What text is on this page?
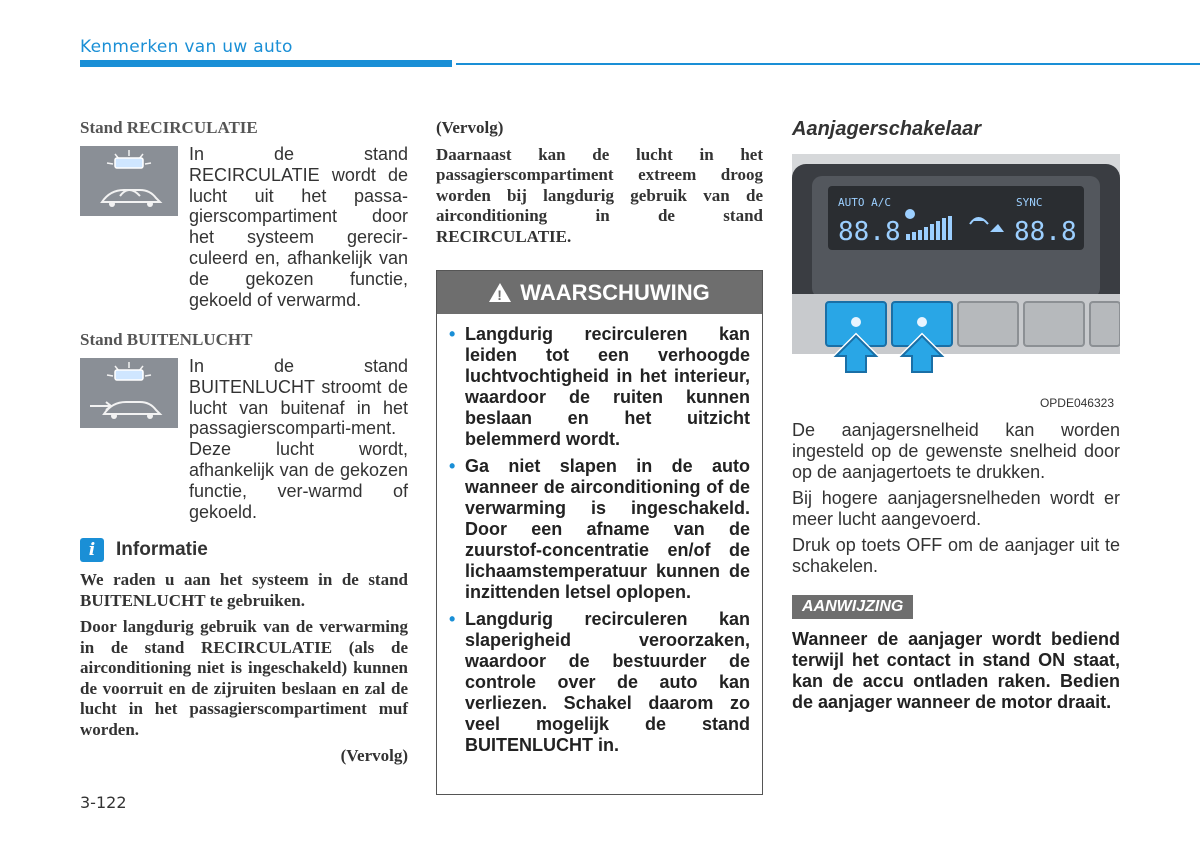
Kenmerken van uw auto

Stand RECIRCULATIE

In de stand RECIRCULATIE wordt de lucht uit het passa-gierscompartiment door het systeem gerecir-culeerd en, afhankelijk van de gekozen functie, gekoeld of verwarmd.

Stand BUITENLUCHT

In de stand BUITENLUCHT stroomt de lucht van buitenaf in het passagierscomparti-ment. Deze lucht wordt, afhankelijk van de gekozen functie, ver-warmd of gekoeld.
i	Informatie

We raden u aan het systeem in de stand BUITENLUCHT te gebruiken.

Door langdurig gebruik van de verwarming in de stand RECIRCULATIE (als de airconditioning niet is ingeschakeld) kunnen de voorruit en de zijruiten beslaan en zal de lucht in het passagierscompartiment muf worden.

(Vervolg)

(Vervolg)

Daarnaast kan de lucht in het passagierscompartiment extreem droog worden bij langdurig gebruik van de airconditioning in de stand RECIRCULATIE.

! WAARSCHUWING
• Langdurig recirculeren kan leiden tot een verhoogde luchtvochtigheid in het interieur, waardoor de ruiten kunnen beslaan en het uitzicht belemmerd wordt.
• Ga niet slapen in de auto wanneer de airconditioning of de verwarming is ingeschakeld. Door een afname van de zuurstof-concentratie en/of de lichaamstemperatuur kunnen de inzittenden letsel oplopen.
• Langdurig recirculeren kan slaperigheid veroorzaken, waardoor de bestuurder de controle over de auto kan verliezen. Schakel daarom zo veel mogelijk de stand BUITENLUCHT in.

Aanjagerschakelaar

AUTO A/C	SYNC
88.8	88.8
OPDE046323

De aanjagersnelheid kan worden ingesteld op de gewenste snelheid door op de aanjagertoets te drukken.

Bij hogere aanjagersnelheden wordt er meer lucht aangevoerd.

Druk op toets OFF om de aanjager uit te schakelen.

AANWIJZING

Wanneer de aanjager wordt bediend terwijl het contact in stand ON staat, kan de accu ontladen raken. Bedien de aanjager wanneer de motor draait.

3-122
